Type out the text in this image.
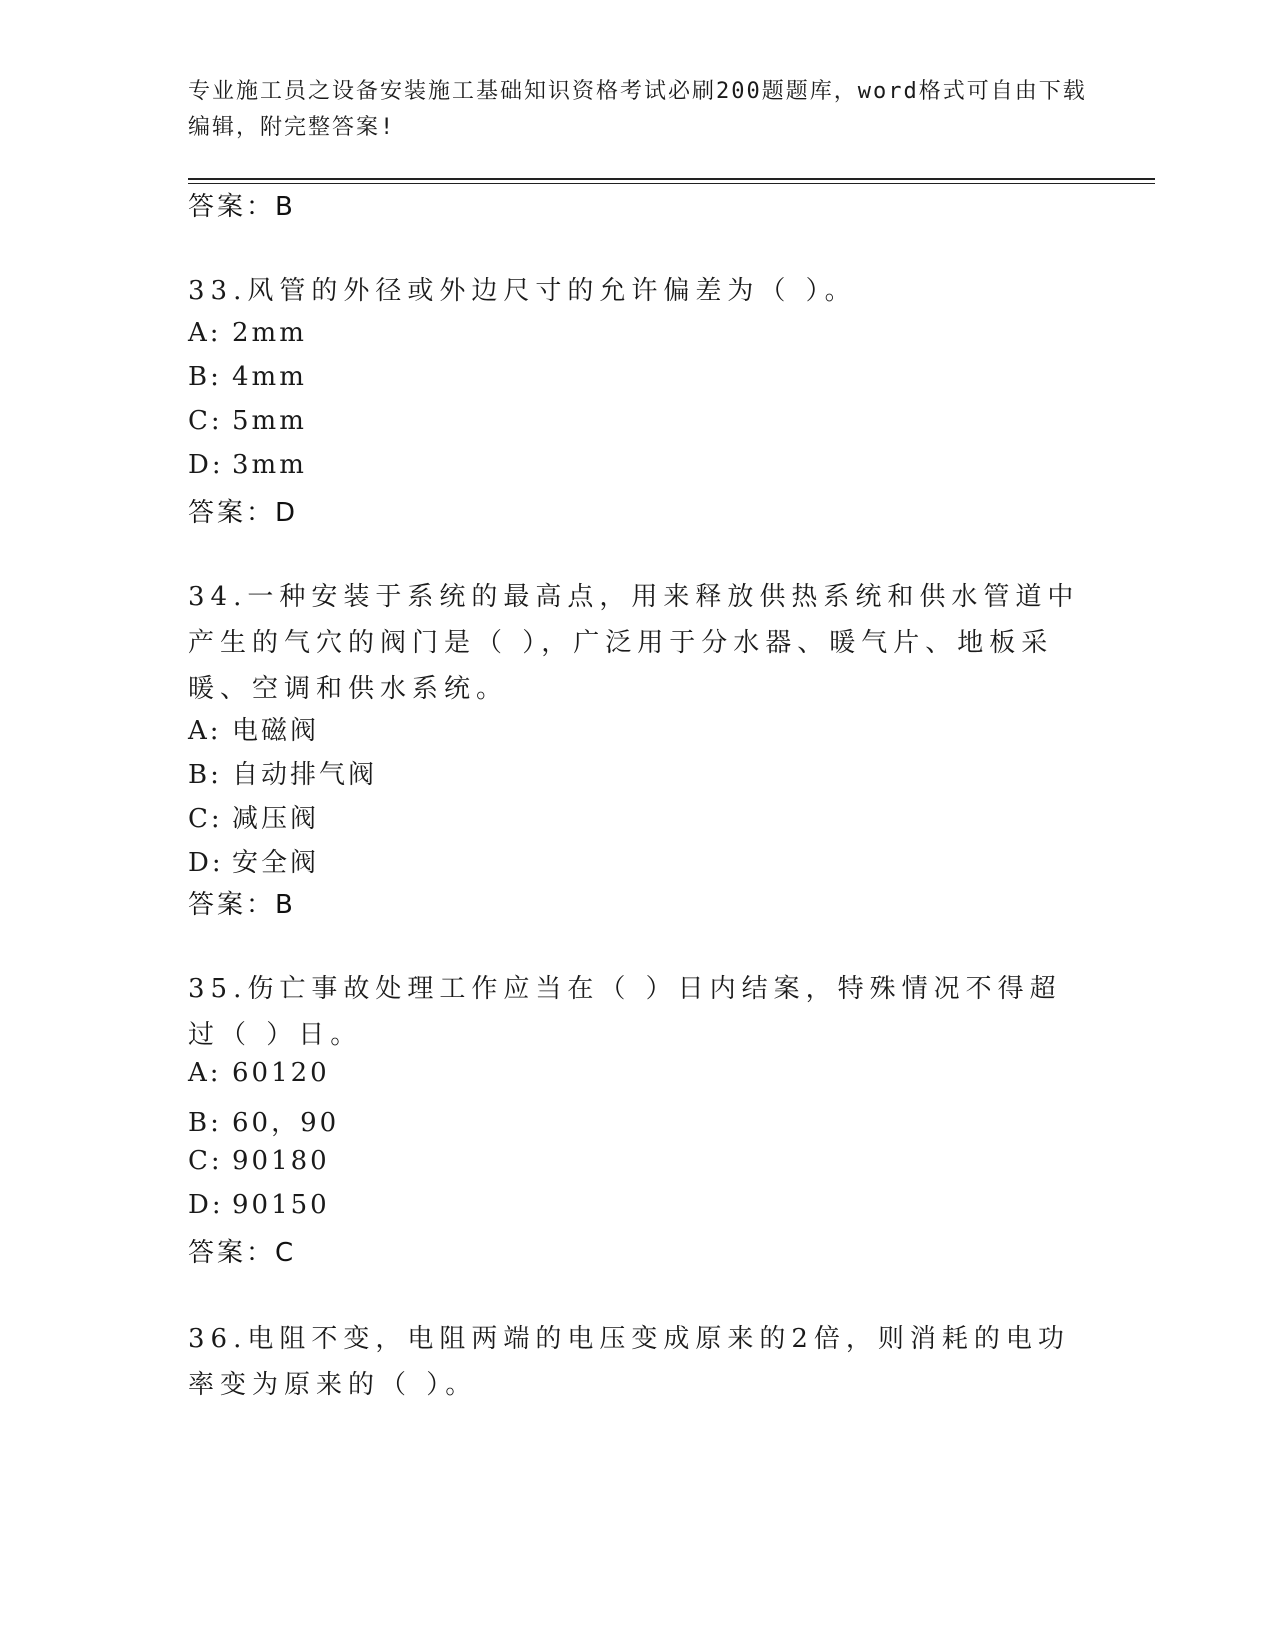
专业施工员之设备安装施工基础知识资格考试必刷200题题库，word格式可自由下载编辑，附完整答案!
答案：B
33.风管的外径或外边尺寸的允许偏差为（ ）。
A: 2mm
B: 4mm
C: 5mm
D: 3mm
答案：D
34.一种安装于系统的最高点，用来释放供热系统和供水管道中产生的气穴的阀门是（ ），广泛用于分水器、暖气片、地板采暖、空调和供水系统。
A: 电磁阀
B: 自动排气阀
C: 减压阀
D: 安全阀
答案：B
35.伤亡事故处理工作应当在（ ）日内结案，特殊情况不得超过（ ）日。
A: 60120
B: 60，90
C: 90180
D: 90150
答案：C
36.电阻不变，电阻两端的电压变成原来的2倍，则消耗的电功率变为原来的（ ）。
